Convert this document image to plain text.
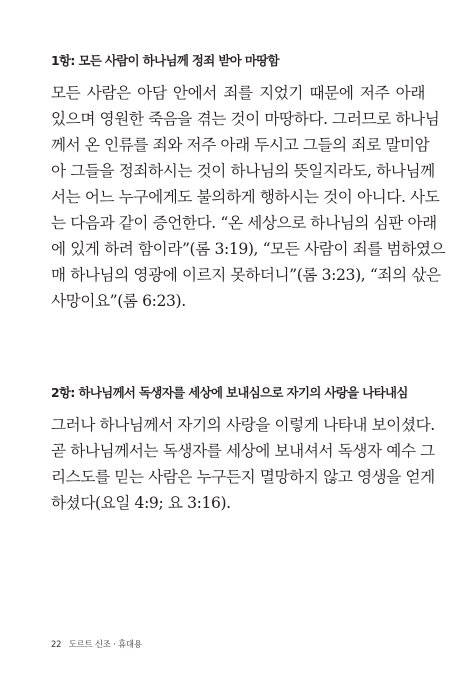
1항: 모든 사람이 하나님께 정죄 받아 마땅함

모든 사람은 아담 안에서 죄를 지었기 때문에 저주 아래
있으며 영원한 죽음을 겪는 것이 마땅하다. 그러므로 하나님
께서 온 인류를 죄와 저주 아래 두시고 그들의 죄로 말미암
아 그들을 정죄하시는 것이 하나님의 뜻일지라도, 하나님께
서는 어느 누구에게도 불의하게 행하시는 것이 아니다. 사도
는 다음과 같이 증언한다. “온 세상으로 하나님의 심판 아래
에 있게 하려 함이라”(롬 3:19), “모든 사람이 죄를 범하였으
매 하나님의 영광에 이르지 못하더니”(롬 3:23), “죄의 삯은
사망이요”(롬 6:23).

2항: 하나님께서 독생자를 세상에 보내심으로 자기의 사랑을 나타내심

그러나 하나님께서 자기의 사랑을 이렇게 나타내 보이셨다.
곧 하나님께서는 독생자를 세상에 보내셔서 독생자 예수 그
리스도를 믿는 사람은 누구든지 멸망하지 않고 영생을 얻게
하셨다(요일 4:9; 요 3:16).

22 도르트 신조 · 휴대용
